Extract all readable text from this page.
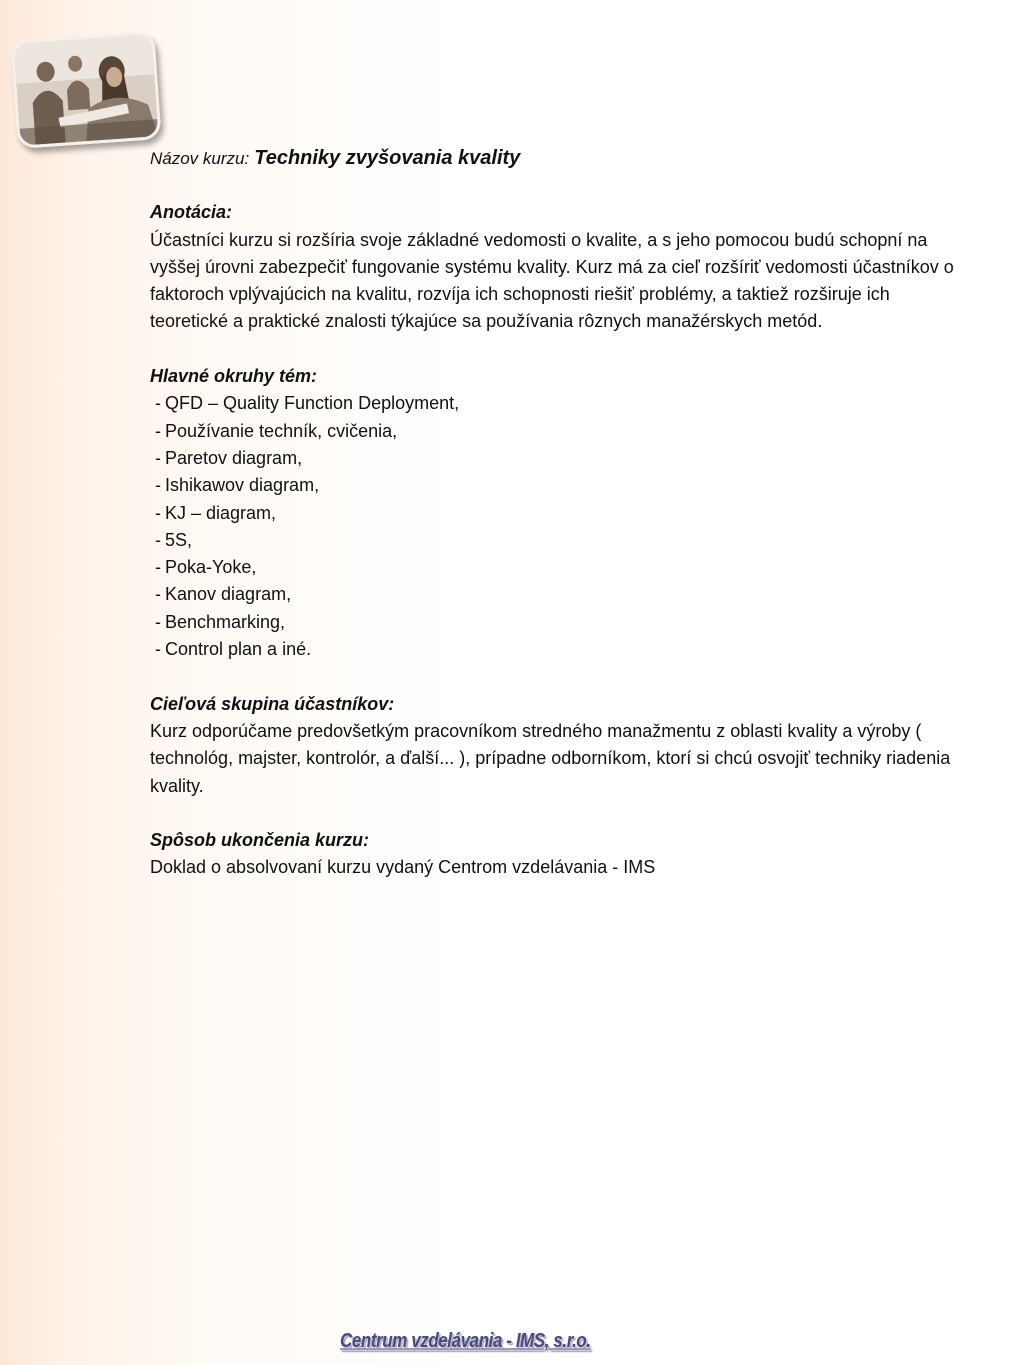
Názov kurzu: Techniky zvyšovania kvality
Anotácia:

Účastníci kurzu si rozšíria svoje základné vedomosti o kvalite, a s jeho pomocou budú schopní na vyššej úrovni zabezpečiť fungovanie systému kvality. Kurz má za cieľ rozšíriť vedomosti účastníkov o faktoroch vplývajúcich na kvalitu, rozvíja ich schopnosti riešiť problémy, a taktiež rozširuje ich teoretické a praktické znalosti týkajúce sa používania rôznych manažérskych metód.

Hlavné okruhy tém:
- QFD – Quality Function Deployment,
- Používanie techník, cvičenia,
- Paretov diagram,
- Ishikawov diagram,
- KJ – diagram,
- 5S,
- Poka-Yoke,
- Kanov diagram,
- Benchmarking,
- Control plan a iné.
Cieľová skupina účastníkov:

Kurz odporúčame predovšetkým pracovníkom stredného manažmentu z oblasti kvality a výroby ( technológ, majster, kontrolór, a ďalší... ), prípadne odborníkom, ktorí si chcú osvojiť techniky riadenia kvality.

Spôsob ukončenia kurzu:

Doklad o absolvovaní kurzu vydaný Centrom vzdelávania - IMS

Centrum vzdelávania - IMS, s.r.o.
